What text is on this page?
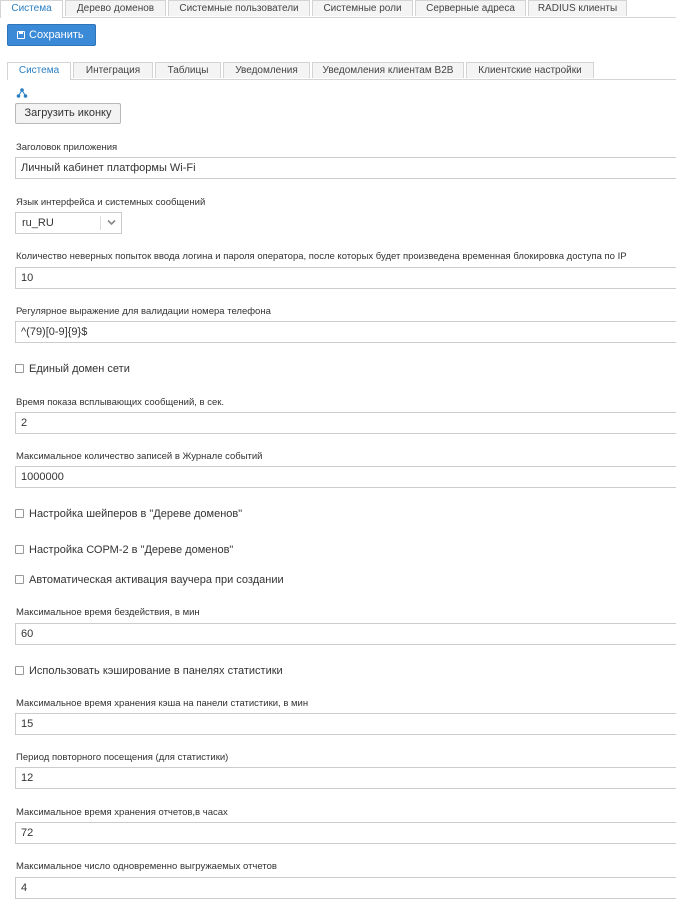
Система	Дерево доменов	Системные пользователи	Системные роли	Серверные адреса	RADIUS клиенты
Сохранить
Система	Интеграция	Таблицы	Уведомления	Уведомления клиентам B2B	Клиентские настройки
Загрузить иконку
Заголовок приложения
Личный кабинет платформы Wi-Fi
Язык интерфейса и системных сообщений
ru_RU
Количество неверных попыток ввода логина и пароля оператора, после которых будет произведена временная блокировка доступа по IP
10
Регулярное выражение для валидации номера телефона
^(79)[0-9]{9}$
Единый домен сети
Время показа всплывающих сообщений, в сек.
2
Максимальное количество записей в Журнале событий
1000000
Настройка шейперов в "Дереве доменов"
Настройка СОРМ-2 в "Дереве доменов"
Автоматическая активация ваучера при создании
Максимальное время бездействия, в мин
60
Использовать кэширование в панелях статистики
Максимальное время хранения кэша на панели статистики, в мин
15
Период повторного посещения (для статистики)
12
Максимальное время хранения отчетов,в часах
72
Максимальное число одновременно выгружаемых отчетов
4
